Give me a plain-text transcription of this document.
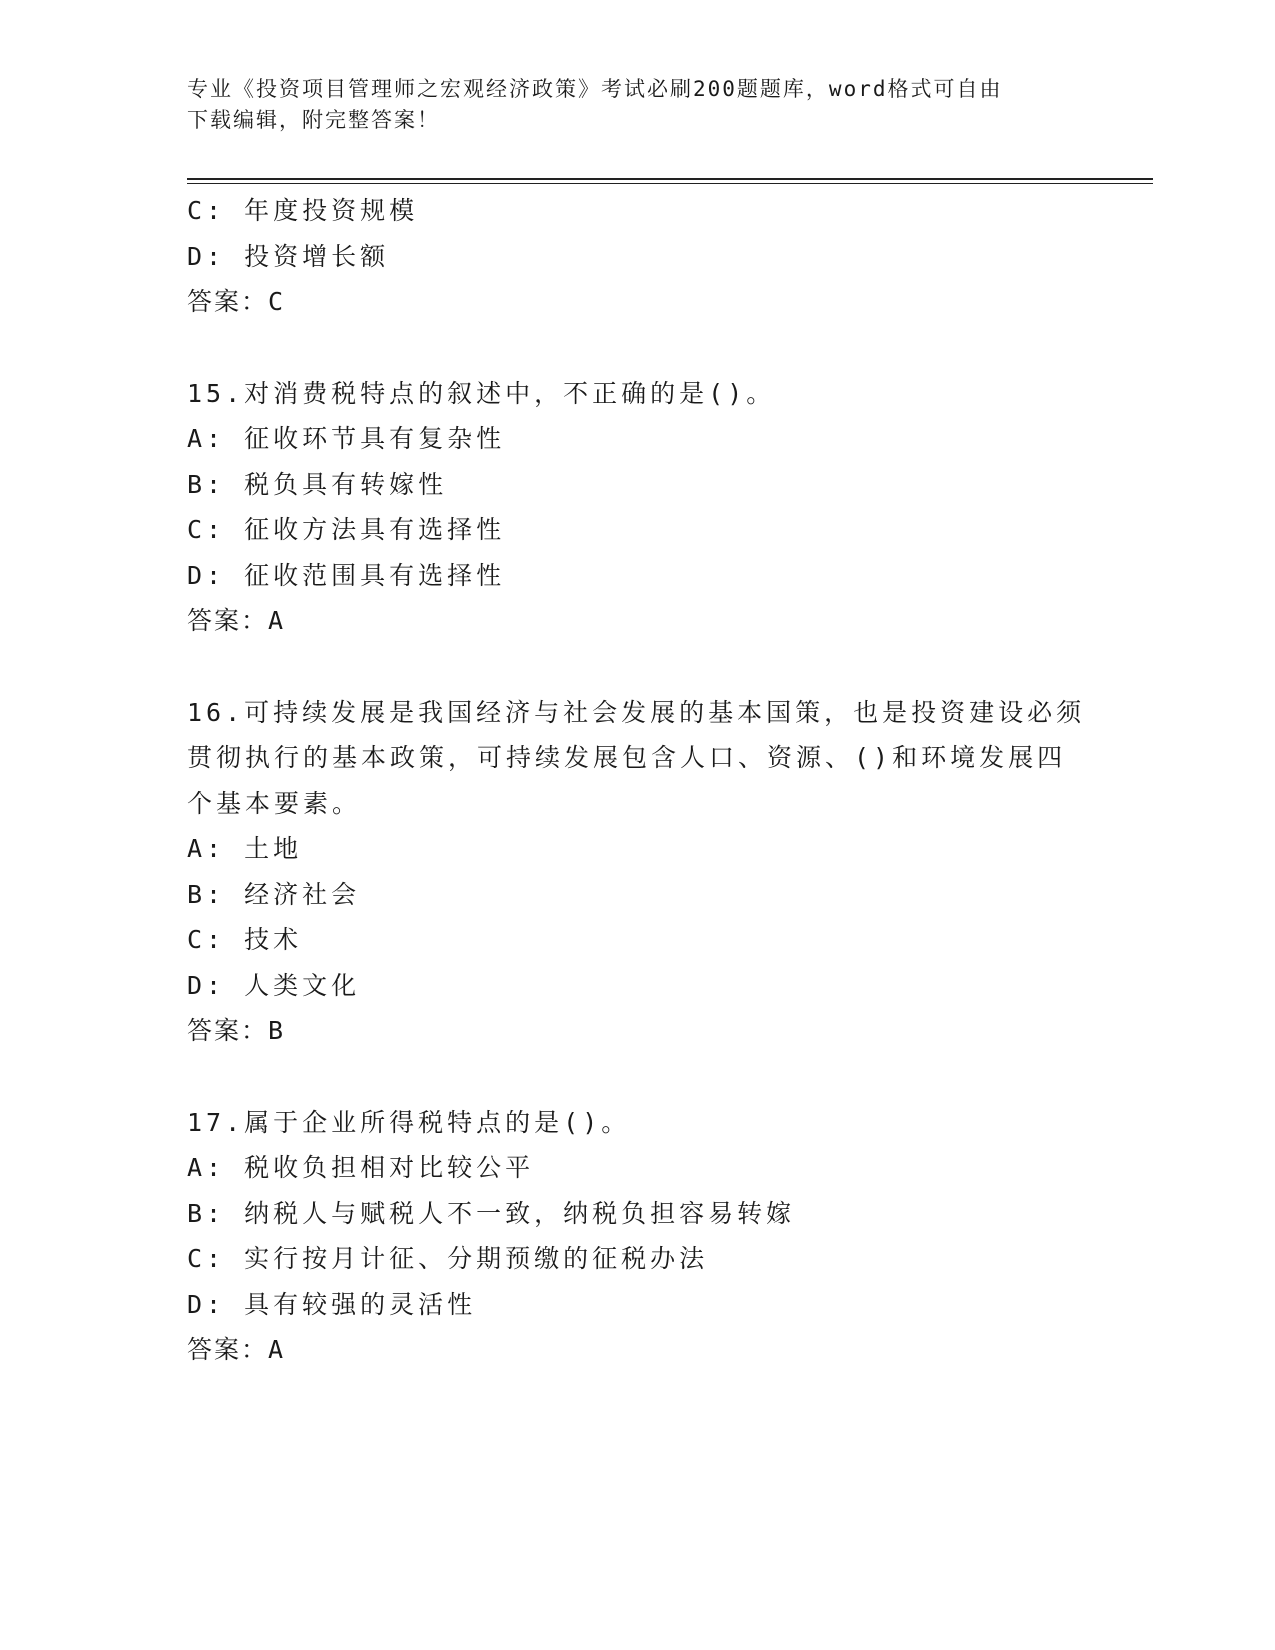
专业《投资项目管理师之宏观经济政策》考试必刷200题题库，word格式可自由
下载编辑，附完整答案！
C: 年度投资规模
D: 投资增长额
答案：C
15.对消费税特点的叙述中，不正确的是()。
A: 征收环节具有复杂性
B: 税负具有转嫁性
C: 征收方法具有选择性
D: 征收范围具有选择性
答案：A
16.可持续发展是我国经济与社会发展的基本国策，也是投资建设必须
贯彻执行的基本政策，可持续发展包含人口、资源、()和环境发展四
个基本要素。
A: 土地
B: 经济社会
C: 技术
D: 人类文化
答案：B
17.属于企业所得税特点的是()。
A: 税收负担相对比较公平
B: 纳税人与赋税人不一致，纳税负担容易转嫁
C: 实行按月计征、分期预缴的征税办法
D: 具有较强的灵活性
答案：A
